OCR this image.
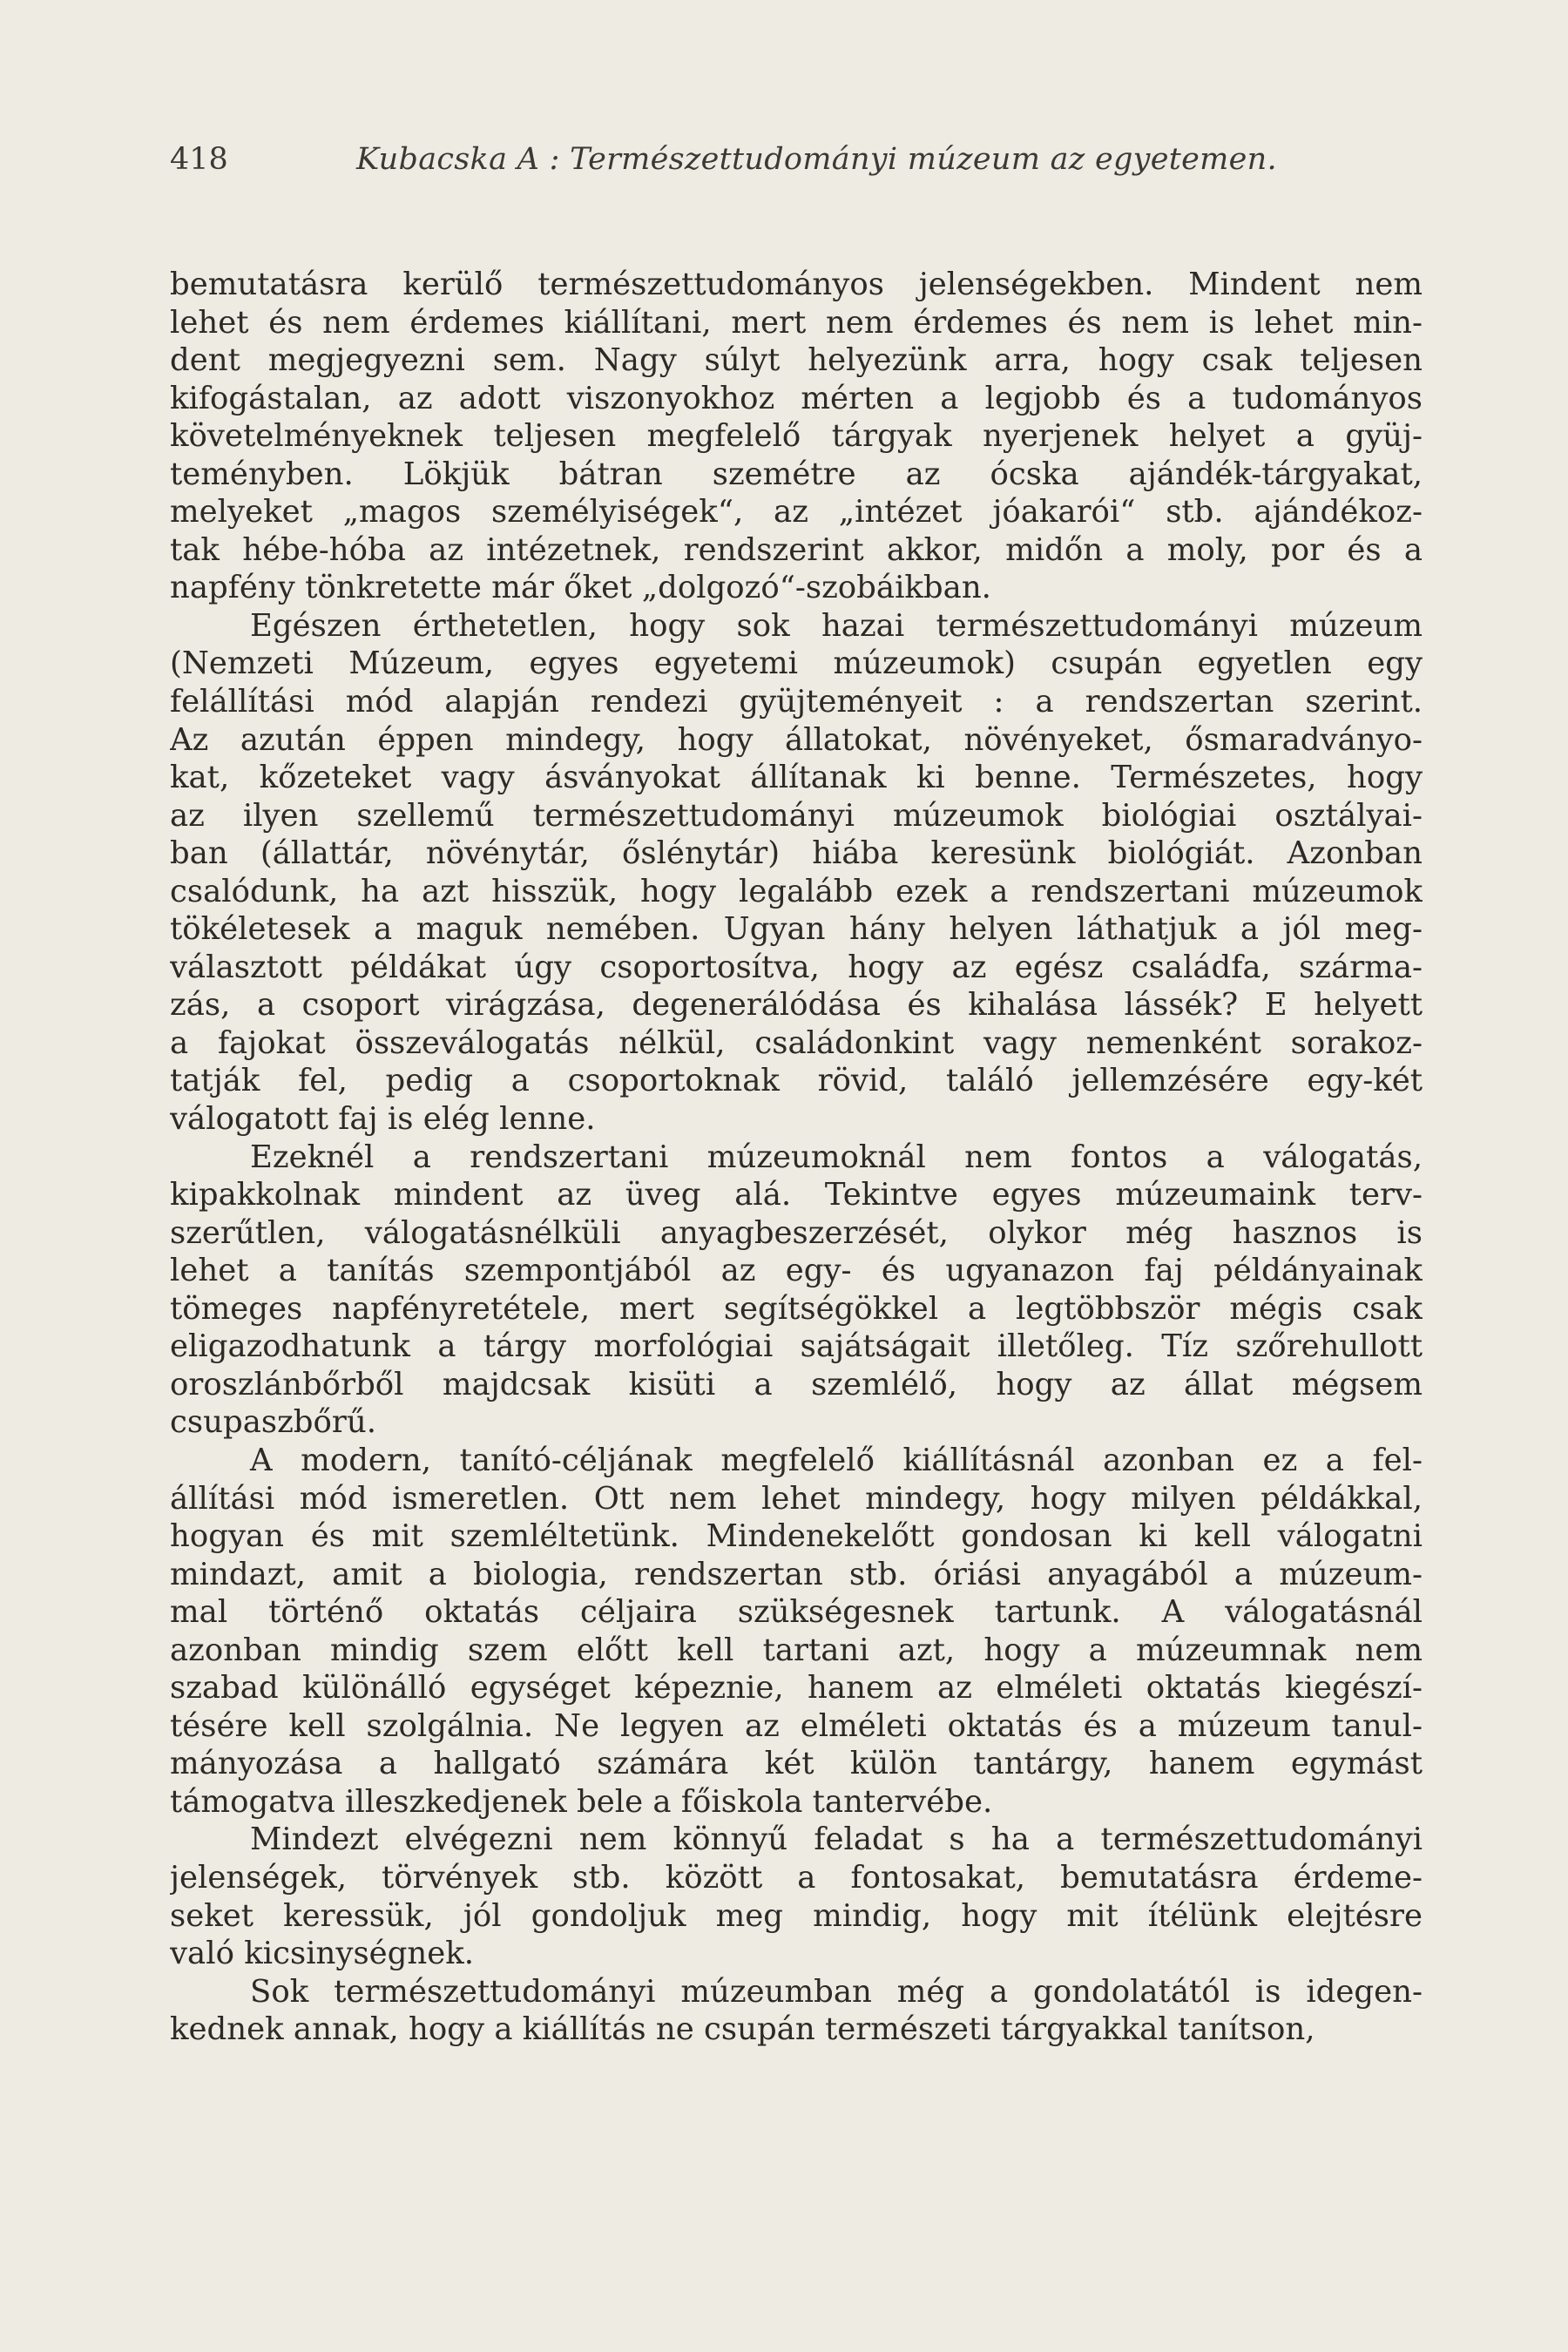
418	Kubacska A : Természettudományi múzeum az egyetemen.
bemutatásra kerülő természettudományos jelenségekben. Mindent nem
lehet és nem érdemes kiállítani, mert nem érdemes és nem is lehet min-
dent megjegyezni sem. Nagy súlyt helyezünk arra, hogy csak teljesen
kifogástalan, az adott viszonyokhoz mérten a legjobb és a tudományos
követelményeknek teljesen megfelelő tárgyak nyerjenek helyet a gyüj-
teményben. Lökjük bátran szemétre az ócska ajándék-tárgyakat,
melyeket „magos személyiségek“, az „intézet jóakarói“ stb. ajándékoz-
tak hébe-hóba az intézetnek, rendszerint akkor, midőn a moly, por és a
napfény tönkretette már őket „dolgozó“-szobáikban.
Egészen érthetetlen, hogy sok hazai természettudományi múzeum
(Nemzeti Múzeum, egyes egyetemi múzeumok) csupán egyetlen egy
felállítási mód alapján rendezi gyüjteményeit : a rendszertan szerint.
Az azután éppen mindegy, hogy állatokat, növényeket, ősmaradványo-
kat, kőzeteket vagy ásványokat állítanak ki benne. Természetes, hogy
az ilyen szellemű természettudományi múzeumok biológiai osztályai-
ban (állattár, növénytár, őslénytár) hiába keresünk biológiát. Azonban
csalódunk, ha azt hisszük, hogy legalább ezek a rendszertani múzeumok
tökéletesek a maguk nemében. Ugyan hány helyen láthatjuk a jól meg-
választott példákat úgy csoportosítva, hogy az egész családfa, szárma-
zás, a csoport virágzása, degenerálódása és kihalása lássék? E helyett
a fajokat összeválogatás nélkül, családonkint vagy nemenként sorakoz-
tatják fel, pedig a csoportoknak rövid, találó jellemzésére egy-két
válogatott faj is elég lenne.
Ezeknél a rendszertani múzeumoknál nem fontos a válogatás,
kipakkolnak mindent az üveg alá. Tekintve egyes múzeumaink terv-
szerűtlen, válogatásnélküli anyagbeszerzését, olykor még hasznos is
lehet a tanítás szempontjából az egy- és ugyanazon faj példányainak
tömeges napfényretétele, mert segítségökkel a legtöbbször mégis csak
eligazodhatunk a tárgy morfológiai sajátságait illetőleg. Tíz szőrehullott
oroszlánbőrből majdcsak kisüti a szemlélő, hogy az állat mégsem
csupaszbőrű.
A modern, tanító-céljának megfelelő kiállításnál azonban ez a fel-
állítási mód ismeretlen. Ott nem lehet mindegy, hogy milyen példákkal,
hogyan és mit szemléltetünk. Mindenekelőtt gondosan ki kell válogatni
mindazt, amit a biologia, rendszertan stb. óriási anyagából a múzeum-
mal történő oktatás céljaira szükségesnek tartunk. A válogatásnál
azonban mindig szem előtt kell tartani azt, hogy a múzeumnak nem
szabad különálló egységet képeznie, hanem az elméleti oktatás kiegészí-
tésére kell szolgálnia. Ne legyen az elméleti oktatás és a múzeum tanul-
mányozása a hallgató számára két külön tantárgy, hanem egymást
támogatva illeszkedjenek bele a főiskola tantervébe.
Mindezt elvégezni nem könnyű feladat s ha a természettudományi
jelenségek, törvények stb. között a fontosakat, bemutatásra érdeme-
seket keressük, jól gondoljuk meg mindig, hogy mit ítélünk elejtésre
való kicsinységnek.
Sok természettudományi múzeumban még a gondolatától is idegen-
kednek annak, hogy a kiállítás ne csupán természeti tárgyakkal tanítson,
